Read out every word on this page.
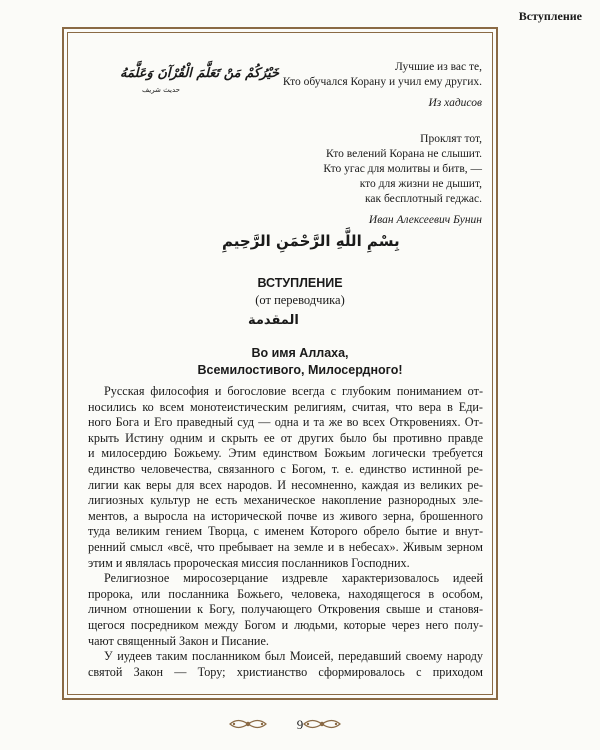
Вступление
خَيْرُكُمْ مَنْ تَعَلَّمَ الْقُرْآنَ وَعَلَّمَهُ
حديث شريف
Лучшие из вас те,
Кто обучался Корану и учил ему других.
Из хадисов
Проклят тот,
Кто велений Корана не слышит.
Кто угас для молитвы и битв, —
кто для жизни не дышит,
как бесплотный геджас.
Иван Алексеевич Бунин
بِسْمِ اللَّهِ الرَّحْمَنِ الرَّحِيمِ
ВСТУПЛЕНИЕ
(от переводчика)
المقدمة
Во имя Аллаха,
Всемилостивого, Милосердного!
Русская философия и богословие всегда с глубоким пониманием от-
носились ко всем монотеистическим религиям, считая, что вера в Еди-
ного Бога и Его праведный суд — одна и та же во всех Откровениях. От-
крыть Истину одним и скрыть ее от других было бы противно правде
и милосердию Божьему. Этим единством Божьим логически требуется
единство человечества, связанного с Богом, т. е. единство истинной ре-
лигии как веры для всех народов. И несомненно, каждая из великих ре-
лигиозных культур не есть механическое накопление разнородных эле-
ментов, а выросла на исторической почве из живого зерна, брошенного
туда великим гением Творца, с именем Которого обрело бытие и внут-
ренний смысл «всё, что пребывает на земле и в небесах». Живым зерном
этим и являлась пророческая миссия посланников Господних.
Религиозное миросозерцание издревле характеризовалось идеей
пророка, или посланника Божьего, человека, находящегося в особом,
личном отношении к Богу, получающего Откровения свыше и становя-
щегося посредником между Богом и людьми, которые через него полу-
чают священный Закон и Писание.
У иудеев таким посланником был Моисей, передавший своему народу
святой Закон — Тору; христианство сформировалось с приходом
9
